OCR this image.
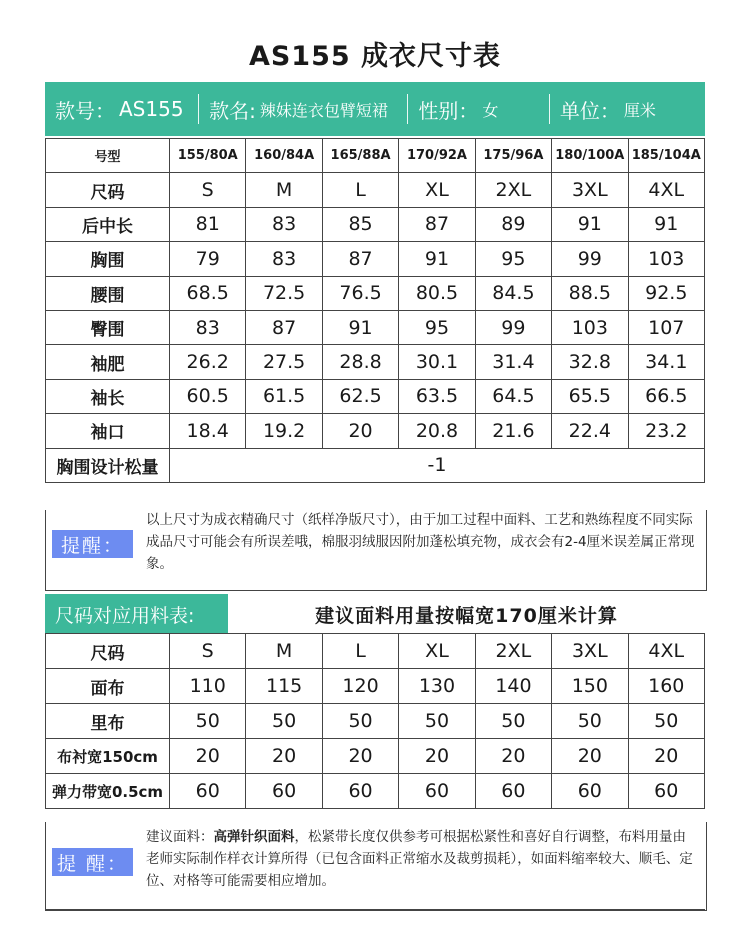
AS155 成衣尺寸表
款号： AS155 款名: 辣妹连衣包臂短裙 性别： 女	单位： 厘米
号型	155/80A	160/84A	165/88A	170/92A	175/96A	180/100A	185/104A
尺码	S	M	L	XL	2XL	3XL	4XL
后中长	81	83	85	87	89	91	91
胸围	79	83	87	91	95	99	103
腰围	68.5	72.5	76.5	80.5	84.5	88.5	92.5
臀围	83	87	91	95	99	103	107
袖肥	26.2	27.5	28.8	30.1	31.4	32.8	34.1
袖长	60.5	61.5	62.5	63.5	64.5	65.5	66.5
袖口	18.4	19.2	20	20.8	21.6	22.4	23.2
胸围设计松量	-1						
提醒：
以上尺寸为成衣精确尺寸（纸样净版尺寸），由于加工过程中面料、工艺和熟练程度不同实际成品尺寸可能会有所误差哦，棉服羽绒服因附加蓬松填充物，成衣会有2-4厘米误差属正常现象。
尺码对应用料表:	建议面料用量按幅宽170厘米计算
尺码	S	M	L	XL	2XL	3XL	4XL
面布	110	115	120	130	140	150	160
里布	50	50	50	50	50	50	50
布衬宽150cm	20	20	20	20	20	20	20
弹力带宽0.5cm	60	60	60	60	60	60	60
提 醒：
建议面料：高弹针织面料，松紧带长度仅供参考可根据松紧性和喜好自行调整，布料用量由老师实际制作样衣计算所得（已包含面料正常缩水及裁剪损耗），如面料缩率较大、顺毛、定位、对格等可能需要相应增加。
